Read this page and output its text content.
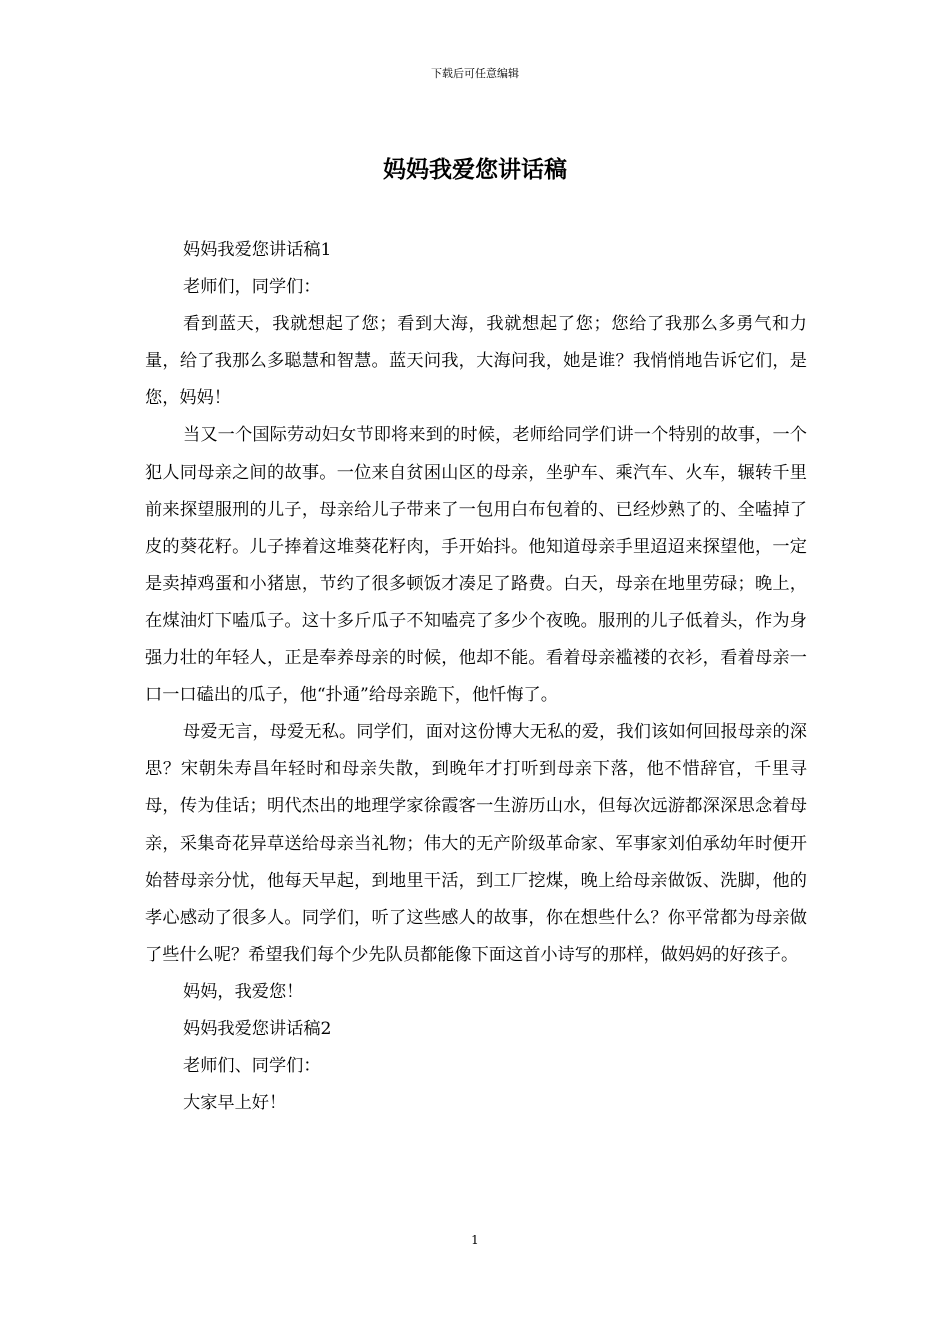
下载后可任意编辑
妈妈我爱您讲话稿

妈妈我爱您讲话稿1

老师们，同学们：

看到蓝天，我就想起了您；看到大海，我就想起了您；您给了我那么多勇气和力量，给了我那么多聪慧和智慧。蓝天问我，大海问我，她是谁？我悄悄地告诉它们，是您，妈妈！

当又一个国际劳动妇女节即将来到的时候，老师给同学们讲一个特别的故事，一个犯人同母亲之间的故事。一位来自贫困山区的母亲，坐驴车、乘汽车、火车，辗转千里前来探望服刑的儿子，母亲给儿子带来了一包用白布包着的、已经炒熟了的、全嗑掉了皮的葵花籽。儿子捧着这堆葵花籽肉，手开始抖。他知道母亲手里迢迢来探望他，一定是卖掉鸡蛋和小猪崽，节约了很多顿饭才凑足了路费。白天，母亲在地里劳碌；晚上，在煤油灯下嗑瓜子。这十多斤瓜子不知嗑亮了多少个夜晚。服刑的儿子低着头，作为身强力壮的年轻人，正是奉养母亲的时候，他却不能。看着母亲褴褛的衣衫，看着母亲一口一口磕出的瓜子，他“扑通”给母亲跪下，他忏悔了。

母爱无言，母爱无私。同学们，面对这份博大无私的爱，我们该如何回报母亲的深思？宋朝朱寿昌年轻时和母亲失散，到晚年才打听到母亲下落，他不惜辞官，千里寻母，传为佳话；明代杰出的地理学家徐霞客一生游历山水，但每次远游都深深思念着母亲，采集奇花异草送给母亲当礼物；伟大的无产阶级革命家、军事家刘伯承幼年时便开始替母亲分忧，他每天早起，到地里干活，到工厂挖煤，晚上给母亲做饭、洗脚，他的孝心感动了很多人。同学们，听了这些感人的故事，你在想些什么？你平常都为母亲做了些什么呢？希望我们每个少先队员都能像下面这首小诗写的那样，做妈妈的好孩子。

妈妈，我爱您！

妈妈我爱您讲话稿2

老师们、同学们：

大家早上好！

1
